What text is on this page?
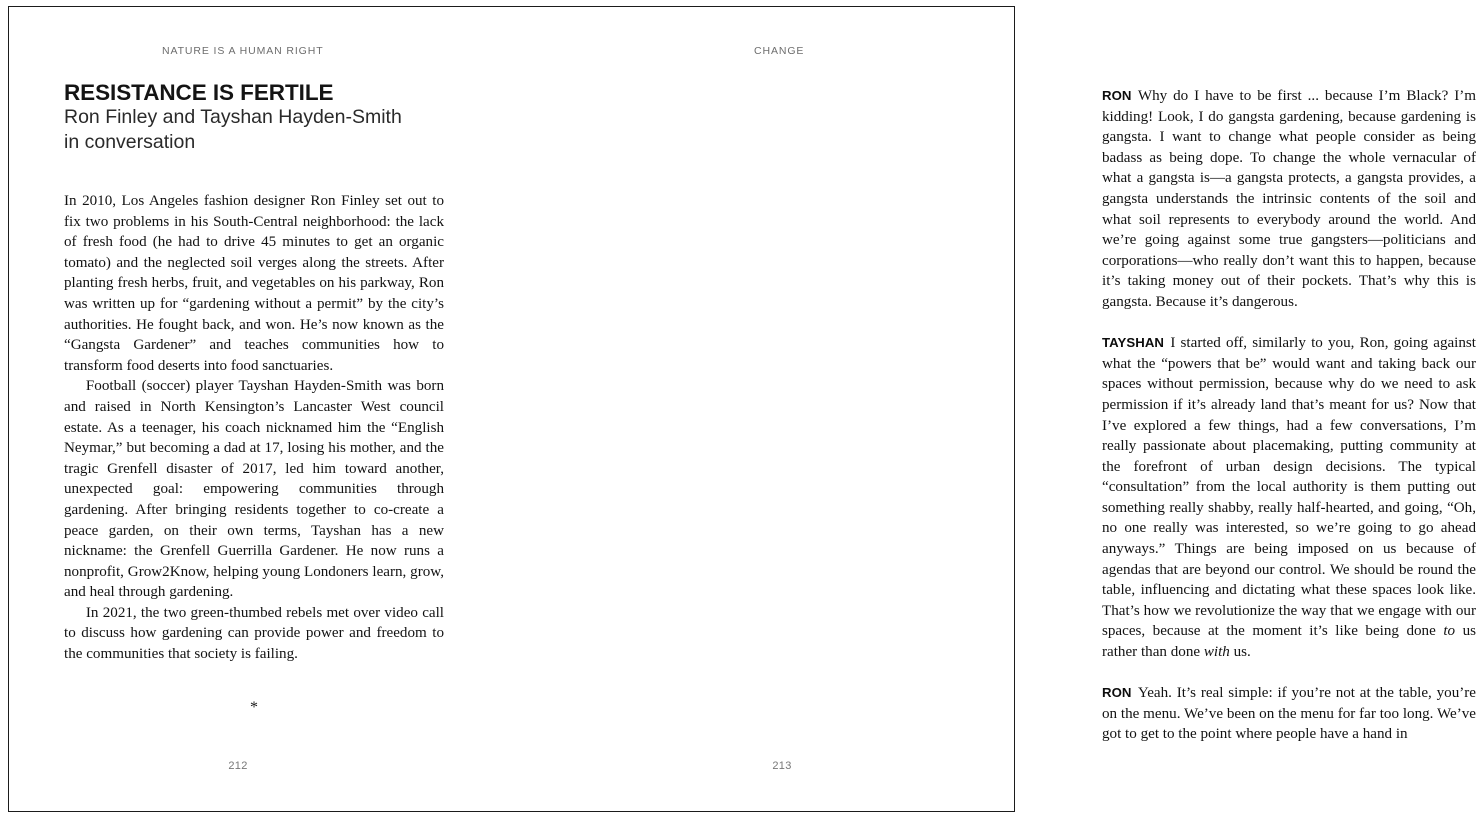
NATURE IS A HUMAN RIGHT
RESISTANCE IS FERTILE
Ron Finley and Tayshan Hayden-Smith
in conversation

In 2010, Los Angeles fashion designer Ron Finley set out to fix two problems in his South-Central neighborhood: the lack of fresh food (he had to drive 45 minutes to get an organic tomato) and the neglected soil verges along the streets. After planting fresh herbs, fruit, and vegetables on his parkway, Ron was written up for “gardening without a permit” by the city’s authorities. He fought back, and won. He’s now known as the “Gangsta Gardener” and teaches communities how to transform food deserts into food sanctuaries.

Football (soccer) player Tayshan Hayden-Smith was born and raised in North Kensington’s Lancaster West council estate. As a teenager, his coach nicknamed him the “English Neymar,” but becoming a dad at 17, losing his mother, and the tragic Grenfell disaster of 2017, led him toward another, unexpected goal: empowering communities through gardening. After bringing residents together to co-create a peace garden, on their own terms, Tayshan has a new nickname: the Grenfell Guerrilla Gardener. He now runs a nonprofit, Grow2Know, helping young Londoners learn, grow, and heal through gardening.

In 2021, the two green-thumbed rebels met over video call to discuss how gardening can provide power and freedom to the communities that society is failing.

*
212
CHANGE

RON Why do I have to be first ... because I’m Black? I’m kidding! Look, I do gangsta gardening, because gardening is gangsta. I want to change what people consider as being badass as being dope. To change the whole vernacular of what a gangsta is—a gangsta protects, a gangsta provides, a gangsta understands the intrinsic contents of the soil and what soil represents to everybody around the world. And we’re going against some true gangsters—politicians and corporations—who really don’t want this to happen, because it’s taking money out of their pockets. That’s why this is gangsta. Because it’s dangerous.

TAYSHAN I started off, similarly to you, Ron, going against what the “powers that be” would want and taking back our spaces without permission, because why do we need to ask permission if it’s already land that’s meant for us? Now that I’ve explored a few things, had a few conversations, I’m really passionate about placemaking, putting community at the forefront of urban design decisions. The typical “consultation” from the local authority is them putting out something really shabby, really half-hearted, and going, “Oh, no one really was interested, so we’re going to go ahead anyways.” Things are being imposed on us because of agendas that are beyond our control. We should be round the table, influencing and dictating what these spaces look like. That’s how we revolutionize the way that we engage with our spaces, because at the moment it’s like being done to us rather than done with us.

RON Yeah. It’s real simple: if you’re not at the table, you’re on the menu. We’ve been on the menu for far too long. We’ve got to get to the point where people have a hand in

213
